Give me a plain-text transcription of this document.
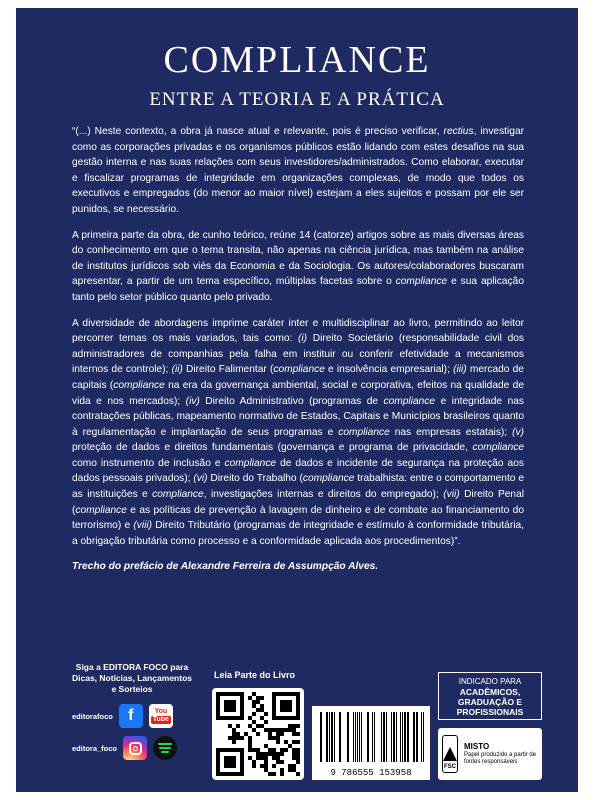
COMPLIANCE
ENTRE A TEORIA E A PRÁTICA

“(...) Neste contexto, a obra já nasce atual e relevante, pois é preciso verificar, rectius, investigar como as corporações privadas e os organismos públicos estão lidando com estes desafios na sua gestão interna e nas suas relações com seus investidores/administrados. Como elaborar, executar e fiscalizar programas de integridade em organizações complexas, de modo que todos os executivos e empregados (do menor ao maior nível) estejam a eles sujeitos e possam por ele ser punidos, se necessário.

A primeira parte da obra, de cunho teórico, reúne 14 (catorze) artigos sobre as mais diversas áreas do conhecimento em que o tema transita, não apenas na ciência jurídica, mas também na análise de institutos jurídicos sob viés da Economia e da Sociologia. Os autores/colaboradores buscaram apresentar, a partir de um tema específico, múltiplas facetas sobre o compliance e sua aplicação tanto pelo setor público quanto pelo privado.

A diversidade de abordagens imprime caráter inter e multidisciplinar ao livro, permitindo ao leitor percorrer temas os mais variados, tais como: (i) Direito Societário (responsabilidade civil dos administradores de companhias pela falha em instituir ou conferir efetividade a mecanismos internos de controle); (ii) Direito Falimentar (compliance e insolvência empresarial); (iii) mercado de capitais (compliance na era da governança ambiental, social e corporativa, efeitos na qualidade de vida e nos mercados); (iv) Direito Administrativo (programas de compliance e integridade nas contratações públicas, mapeamento normativo de Estados, Capitais e Municípios brasileiros quanto à regulamentação e implantação de seus programas e compliance nas empresas estatais); (v) proteção de dados e direitos fundamentais (governança e programa de privacidade, compliance como instrumento de inclusão e compliance de dados e incidente de segurança na proteção aos dados pessoais privados); (vi) Direito do Trabalho (compliance trabalhista: entre o comportamento e as instituições e compliance, investigações internas e direitos do empregado); (vii) Direito Penal (compliance e as políticas de prevenção à lavagem de dinheiro e de combate ao financiamento do terrorismo) e (viii) Direito Tributário (programas de integridade e estímulo à conformidade tributária, a obrigação tributária como processo e a conformidade aplicada aos procedimentos)”.

Trecho do prefácio de Alexandre Ferreira de Assumpção Alves.

Siga a EDITORA FOCO para Dicas, Notícias, Lançamentos e Sorteios
editorafoco f	You
Tube
editora_foco
Leia Parte do Livro
9 786555 153958
INDICADO PARA
ACADÊMICOS,
GRADUAÇÃO E
PROFISSIONAIS
FSC
MISTO
Papel produzido a partir de fontes responsáveis
